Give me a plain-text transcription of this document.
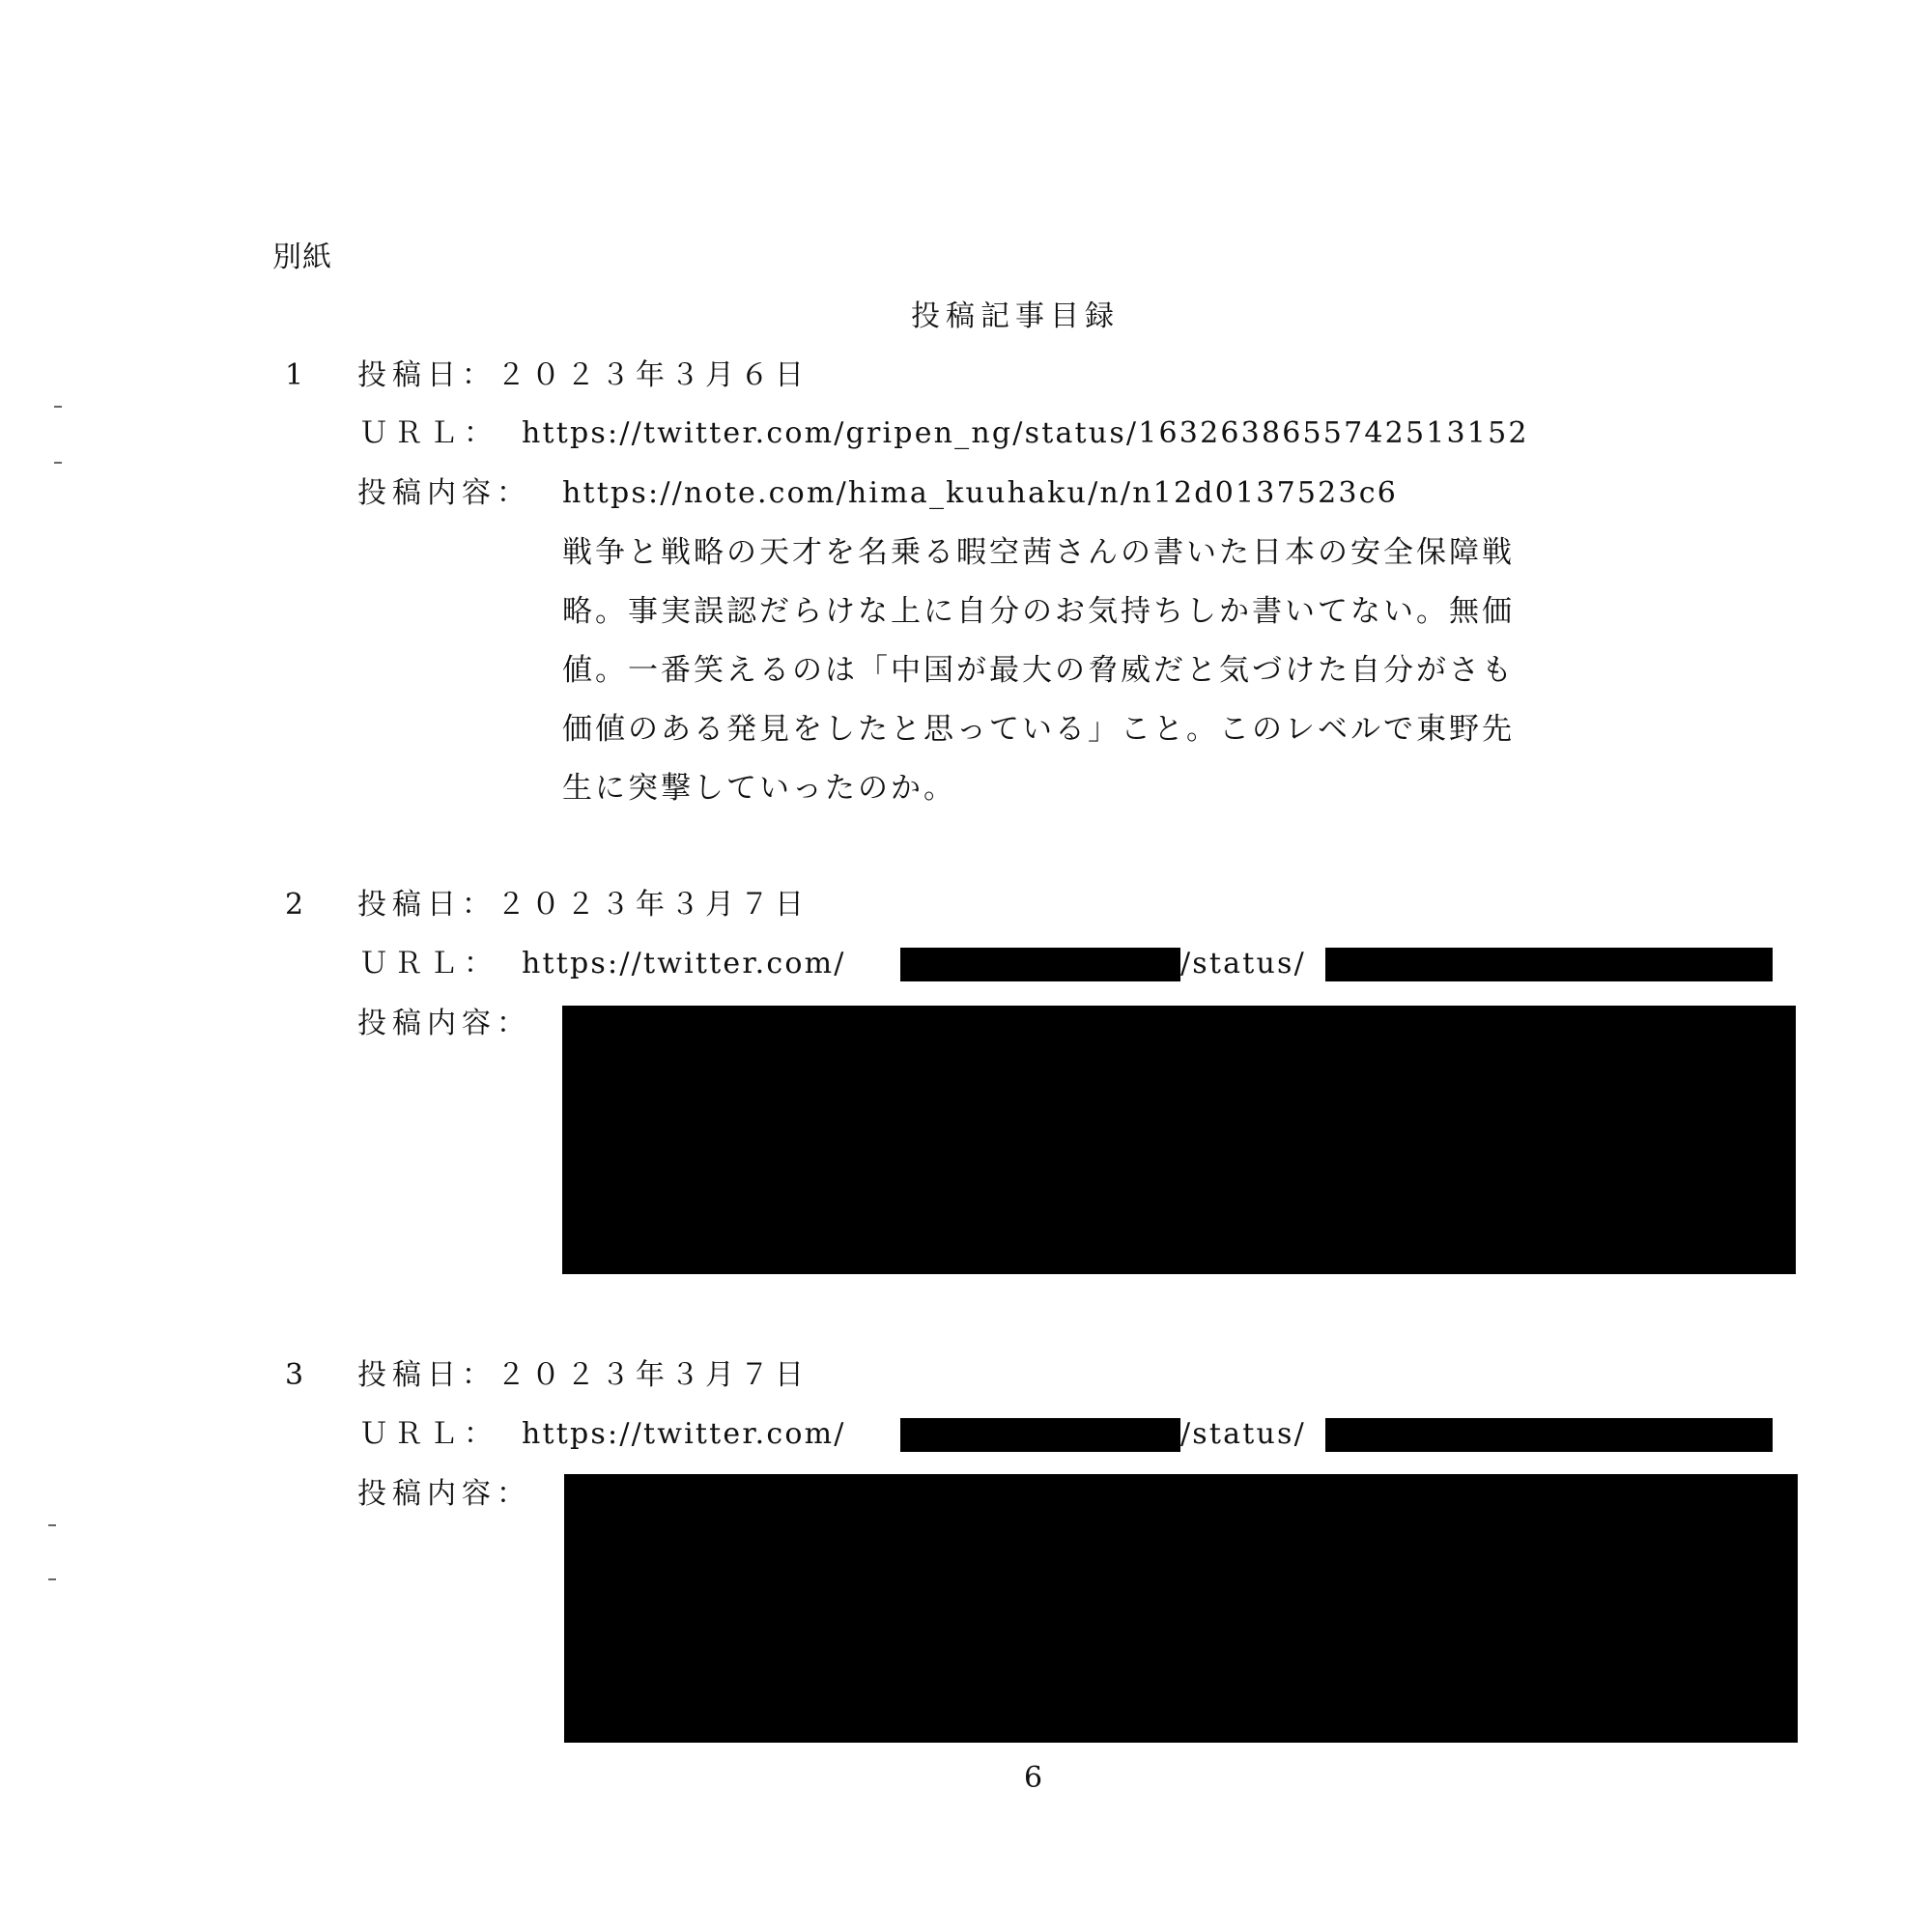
別紙
投稿記事目録
1 投稿日：２０２３年３月６日
ＵＲＬ： https://twitter.com/gripen_ng/status/1632638655742513152
投稿内容： https://note.com/hima_kuuhaku/n/n12d0137523c6
戦争と戦略の天才を名乗る暇空茜さんの書いた日本の安全保障戦
略。事実誤認だらけな上に自分のお気持ちしか書いてない。無価
値。一番笑えるのは「中国が最大の脅威だと気づけた自分がさも
価値のある発見をしたと思っている」こと。このレベルで東野先
生に突撃していったのか。
2 投稿日：２０２３年３月７日
ＵＲＬ： https://twitter.com/	/status/
投稿内容：
3 投稿日：２０２３年３月７日
ＵＲＬ： https://twitter.com/	/status/
投稿内容：
6
